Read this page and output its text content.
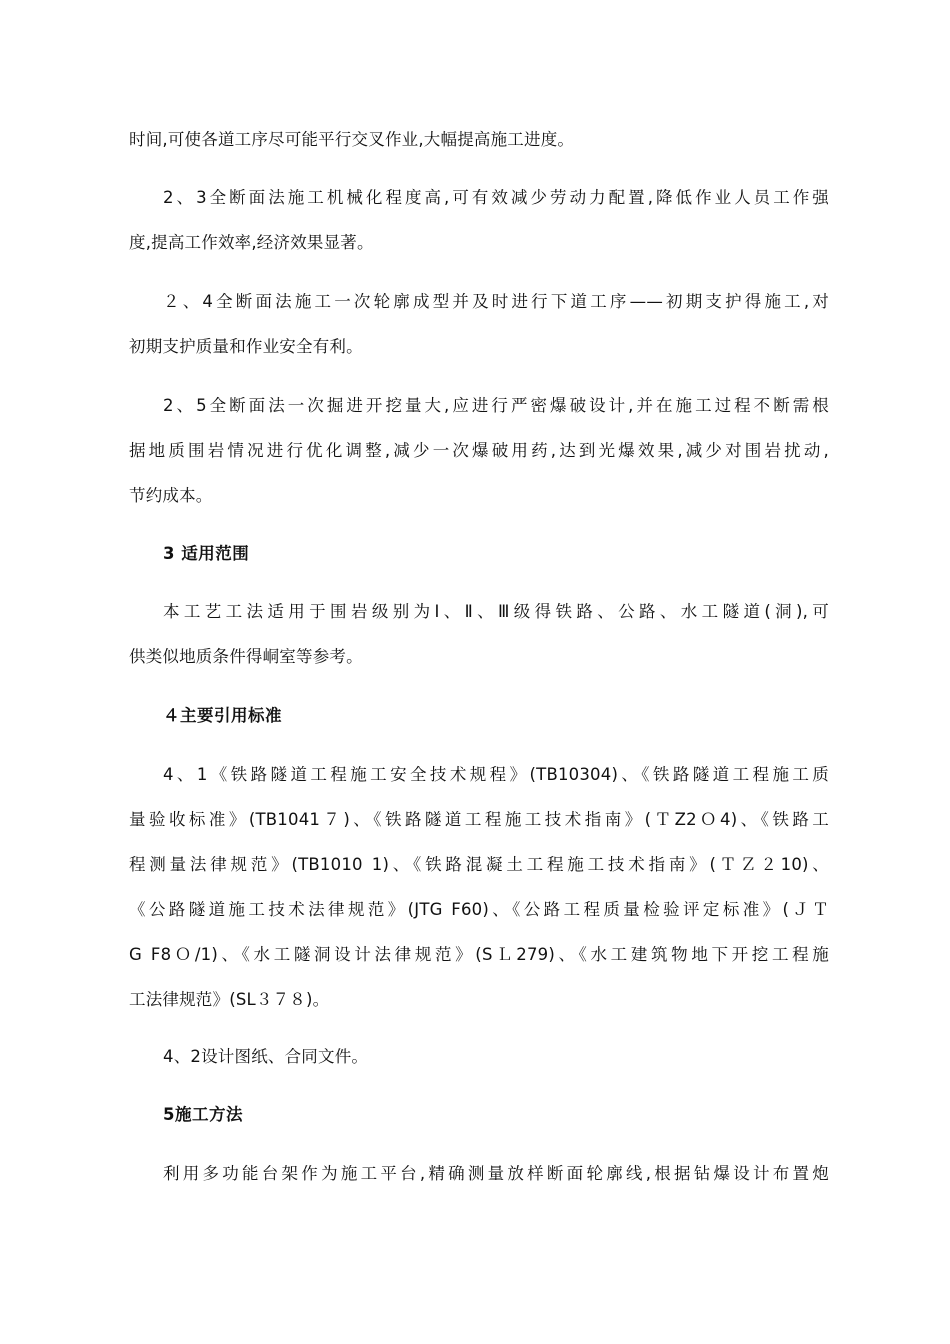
时间,可使各道工序尽可能平行交叉作业,大幅提高施工进度。
2、3全断面法施工机械化程度高,可有效减少劳动力配置,降低作业人员工作强
度,提高工作效率,经济效果显著。
２、4全断面法施工一次轮廓成型并及时进行下道工序——初期支护得施工,对
初期支护质量和作业安全有利。
2、5全断面法一次掘进开挖量大,应进行严密爆破设计,并在施工过程不断需根
据地质围岩情况进行优化调整,减少一次爆破用药,达到光爆效果,减少对围岩扰动,
节约成本。
3 适用范围
本工艺工法适用于围岩级别为Ⅰ、Ⅱ、Ⅲ级得铁路、公路、水工隧道(洞),可
供类似地质条件得峒室等参考。
４主要引用标准
4、1《铁路隧道工程施工安全技术规程》(TB10304)、《铁路隧道工程施工质
量验收标准》(TB1041７)、《铁路隧道工程施工技术指南》(ＴZ2Ｏ4)、《铁路工
程测量法律规范》(TB1010 1)、《铁路混凝土工程施工技术指南》(ＴＺ２10)、
《公路隧道施工技术法律规范》(JTG F60)、《公路工程质量检验评定标准》(ＪＴ
G F8Ｏ/1)、《水工隧洞设计法律规范》(SＬ279)、《水工建筑物地下开挖工程施
工法律规范》(SL３７８)。
4、2设计图纸、合同文件。
5施工方法
利用多功能台架作为施工平台,精确测量放样断面轮廓线,根据钻爆设计布置炮
